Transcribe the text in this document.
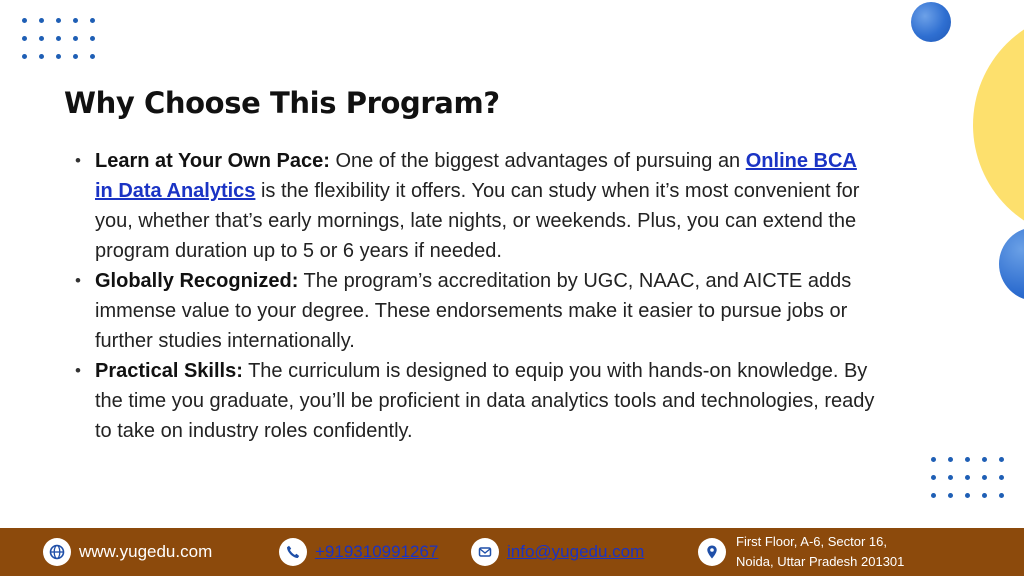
Why Choose This Program?
• Learn at Your Own Pace: One of the biggest advantages of pursuing an Online BCA in Data Analytics is the flexibility it offers. You can study when it’s most convenient for you, whether that’s early mornings, late nights, or weekends. Plus, you can extend the program duration up to 5 or 6 years if needed.
• Globally Recognized: The program’s accreditation by UGC, NAAC, and AICTE adds immense value to your degree. These endorsements make it easier to pursue jobs or further studies internationally.
• Practical Skills: The curriculum is designed to equip you with hands-on knowledge. By the time you graduate, you’ll be proficient in data analytics tools and technologies, ready to take on industry roles confidently.
www.yugedu.com	+919310991267	info@yugedu.com
First Floor, A-6, Sector 16,
Noida, Uttar Pradesh 201301
